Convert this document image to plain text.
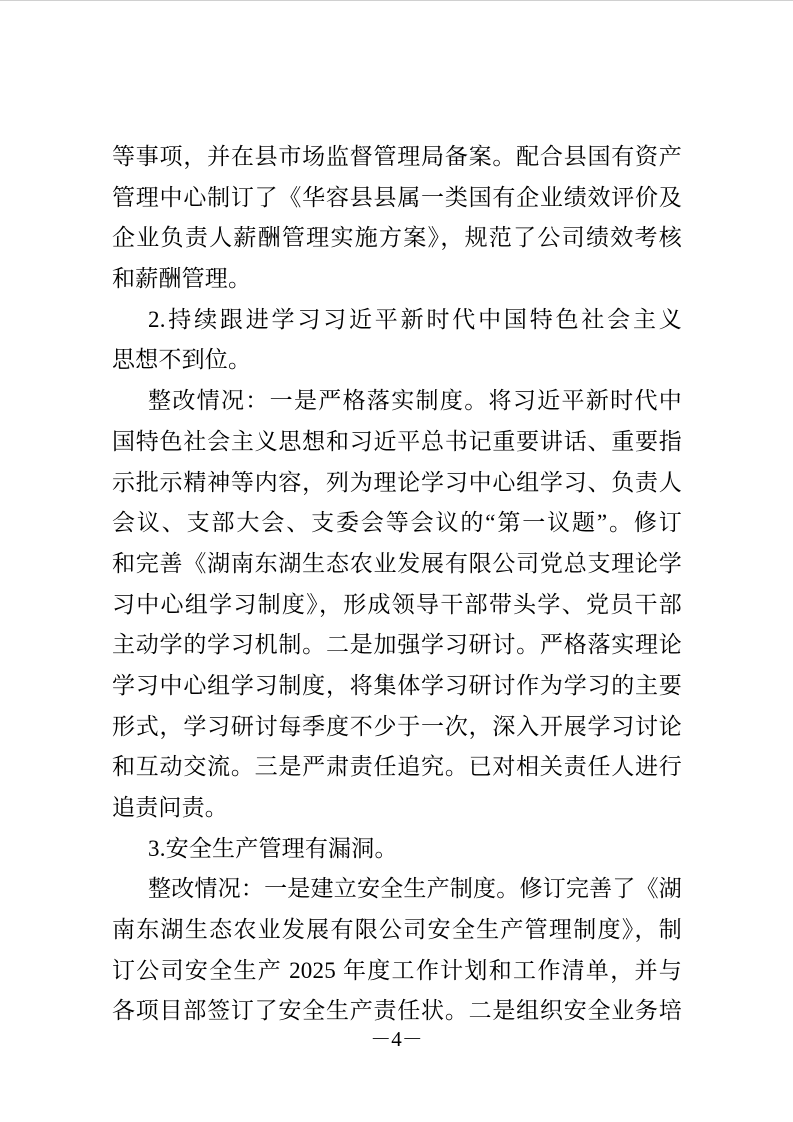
等事项，并在县市场监督管理局备案。配合县国有资产
管理中心制订了《华容县县属一类国有企业绩效评价及
企业负责人薪酬管理实施方案》，规范了公司绩效考核
和薪酬管理。
2.持续跟进学习习近平新时代中国特色社会主义
思想不到位。
整改情况：一是严格落实制度。将习近平新时代中
国特色社会主义思想和习近平总书记重要讲话、重要指
示批示精神等内容，列为理论学习中心组学习、负责人
会议、支部大会、支委会等会议的“第一议题”。修订
和完善《湖南东湖生态农业发展有限公司党总支理论学
习中心组学习制度》，形成领导干部带头学、党员干部
主动学的学习机制。二是加强学习研讨。严格落实理论
学习中心组学习制度，将集体学习研讨作为学习的主要
形式，学习研讨每季度不少于一次，深入开展学习讨论
和互动交流。三是严肃责任追究。已对相关责任人进行
追责问责。
3.安全生产管理有漏洞。
整改情况：一是建立安全生产制度。修订完善了《湖
南东湖生态农业发展有限公司安全生产管理制度》，制
订公司安全生产 2025 年度工作计划和工作清单，并与
各项目部签订了安全生产责任状。二是组织安全业务培
－4－
